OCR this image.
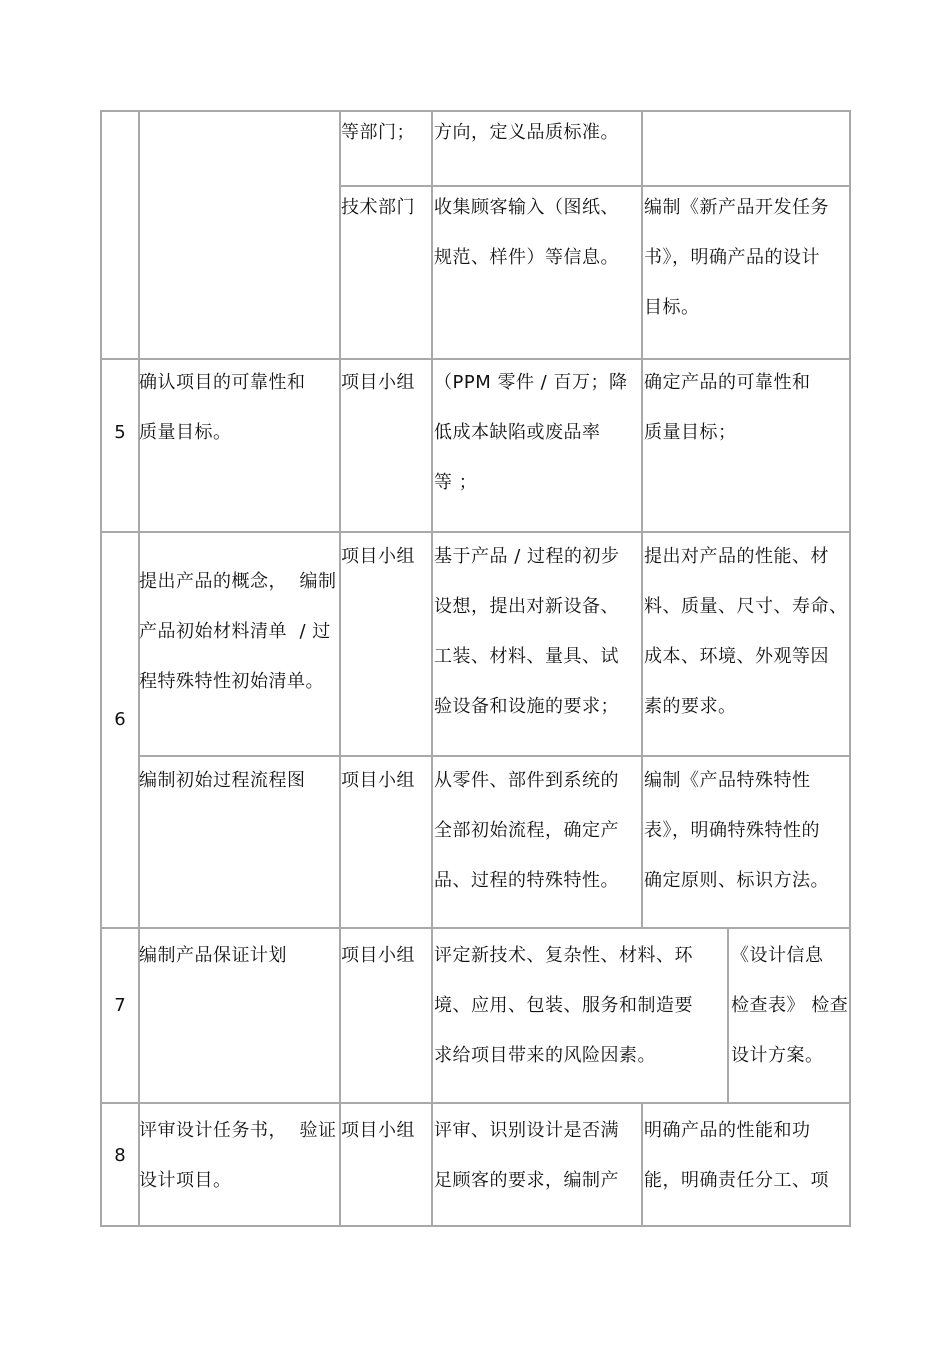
等部门； 方向，定义品质标准。
技术部门 收集顾客输入（图纸、
规范、样件）等信息。
编制《新产品开发任务
书》，明确产品的设计
目标。
5
确认项目的可靠性和
质量目标。
项目小组 （PPM 零件 / 百万；降
低成本缺陷或废品率
等 ；
确定产品的可靠性和
质量目标；
6
提出产品的概念，  编制
产品初始材料清单  / 过
程特殊特性初始清单。
项目小组 基于产品 / 过程的初步
设想，提出对新设备、
工装、材料、量具、试
验设备和设施的要求；
提出对产品的性能、材
料、质量、尺寸、寿命、
成本、环境、外观等因
素的要求。
编制初始过程流程图 项目小组 从零件、部件到系统的
全部初始流程，确定产
品、过程的特殊特性。
编制《产品特殊特性
表》，明确特殊特性的
确定原则、标识方法。
7
编制产品保证计划	项目小组 评定新技术、复杂性、材料、环
境、应用、包装、服务和制造要
求给项目带来的风险因素。
《设计信息
检查表》 检查
设计方案。
8
评审设计任务书，  验证
设计项目。
项目小组 评审、识别设计是否满
足顾客的要求，编制产
明确产品的性能和功
能，明确责任分工、项
